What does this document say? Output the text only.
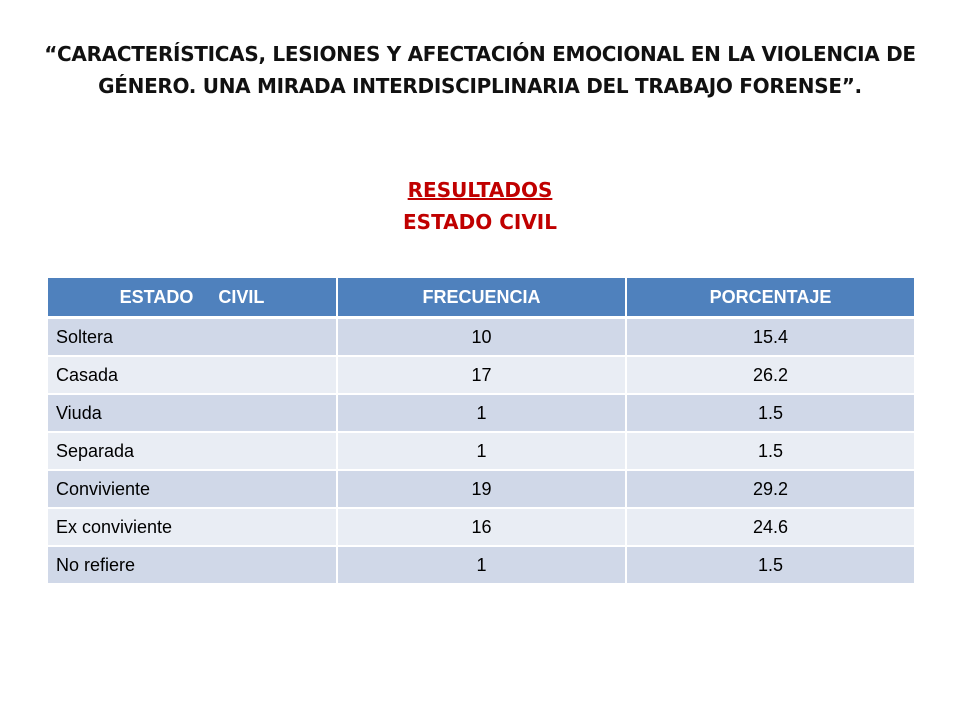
“CARACTERÍSTICAS, LESIONES Y AFECTACIÓN EMOCIONAL EN LA VIOLENCIA DE GÉNERO. UNA MIRADA INTERDISCIPLINARIA DEL TRABAJO FORENSE”.
RESULTADOS
ESTADO CIVIL
ESTADO     CIVIL	FRECUENCIA	PORCENTAJE
Soltera	10	15.4
Casada	17	26.2
Viuda	1	1.5
Separada	1	1.5
Conviviente	19	29.2
Ex conviviente	16	24.6
No refiere	1	1.5
